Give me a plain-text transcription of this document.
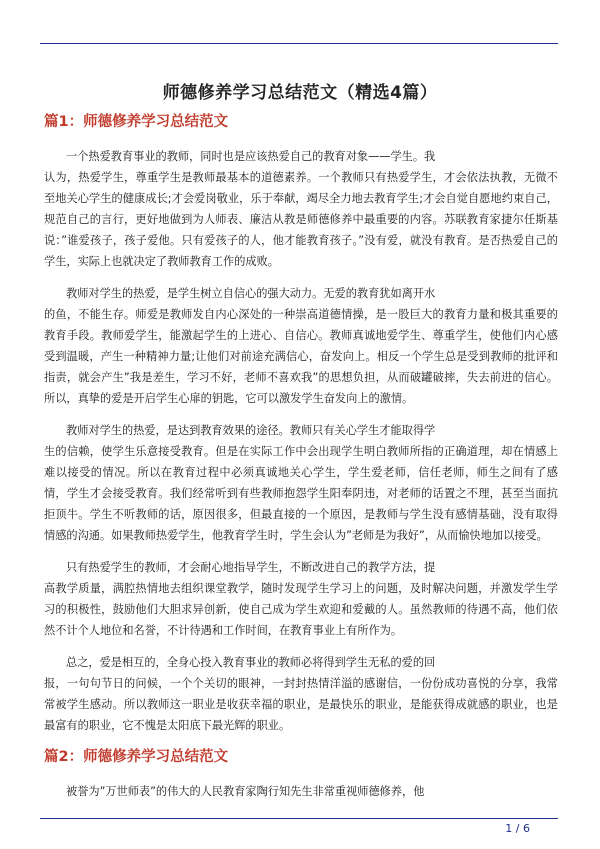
师德修养学习总结范文（精选4篇）
篇1：师德修养学习总结范文
一个热爱教育事业的教师，同时也是应该热爱自己的教育对象——学生。我
认为，热爱学生，尊重学生是教师最基本的道德素养。一个教师只有热爱学生，才会依法执教，无微不至地关心学生的健康成长;才会爱岗敬业，乐于奉献，竭尽全力地去教育学生;才会自觉自愿地约束自己，规范自己的言行，更好地做到为人师表、廉洁从教是师德修养中最重要的内容。苏联教育家捷尔任斯基说：”谁爱孩子，孩子爱他。只有爱孩子的人，他才能教育孩子。”没有爱，就没有教育。是否热爱自己的学生，实际上也就决定了教师教育工作的成败。
教师对学生的热爱，是学生树立自信心的强大动力。无爱的教育犹如离开水
的鱼，不能生存。师爱是教师发自内心深处的一种崇高道德情操，是一股巨大的教育力量和极其重要的教育手段。教师爱学生，能激起学生的上进心、自信心。教师真诚地爱学生、尊重学生，使他们内心感受到温暖，产生一种精神力量;让他们对前途充满信心，奋发向上。相反一个学生总是受到教师的批评和指责，就会产生”我是差生，学习不好，老师不喜欢我”的思想负担，从而破罐破摔，失去前进的信心。所以，真挚的爱是开启学生心扉的钥匙，它可以激发学生奋发向上的激情。
教师对学生的热爱，是达到教育效果的途径。教师只有关心学生才能取得学
生的信赖，使学生乐意接受教育。但是在实际工作中会出现学生明白教师所指的正确道理，却在情感上难以接受的情况。所以在教育过程中必须真诚地关心学生，学生爱老师，信任老师，师生之间有了感情，学生才会接受教育。我们经常听到有些教师抱怨学生阳奉阴违，对老师的话置之不理，甚至当面抗拒顶牛。学生不听教师的话，原因很多，但最直接的一个原因，是教师与学生没有感情基础，没有取得情感的沟通。如果教师热爱学生，他教育学生时，学生会认为”老师是为我好”，从而愉快地加以接受。
只有热爱学生的教师，才会耐心地指导学生，不断改进自己的教学方法，提
高教学质量，满腔热情地去组织课堂教学，随时发现学生学习上的问题，及时解决问题，并激发学生学习的积极性，鼓励他们大胆求异创新，使自己成为学生欢迎和爱戴的人。虽然教师的待遇不高，他们依然不计个人地位和名誉，不计待遇和工作时间，在教育事业上有所作为。
总之，爱是相互的，全身心投入教育事业的教师必将得到学生无私的爱的回
报，一句句节日的问候，一个个关切的眼神，一封封热情洋溢的感谢信，一份份成功喜悦的分享，我常常被学生感动。所以教师这一职业是收获幸福的职业，是最快乐的职业，是能获得成就感的职业，也是最富有的职业，它不愧是太阳底下最光辉的职业。
篇2：师德修养学习总结范文
被誉为”万世师表”的伟大的人民教育家陶行知先生非常重视师德修养，他
1 / 6
